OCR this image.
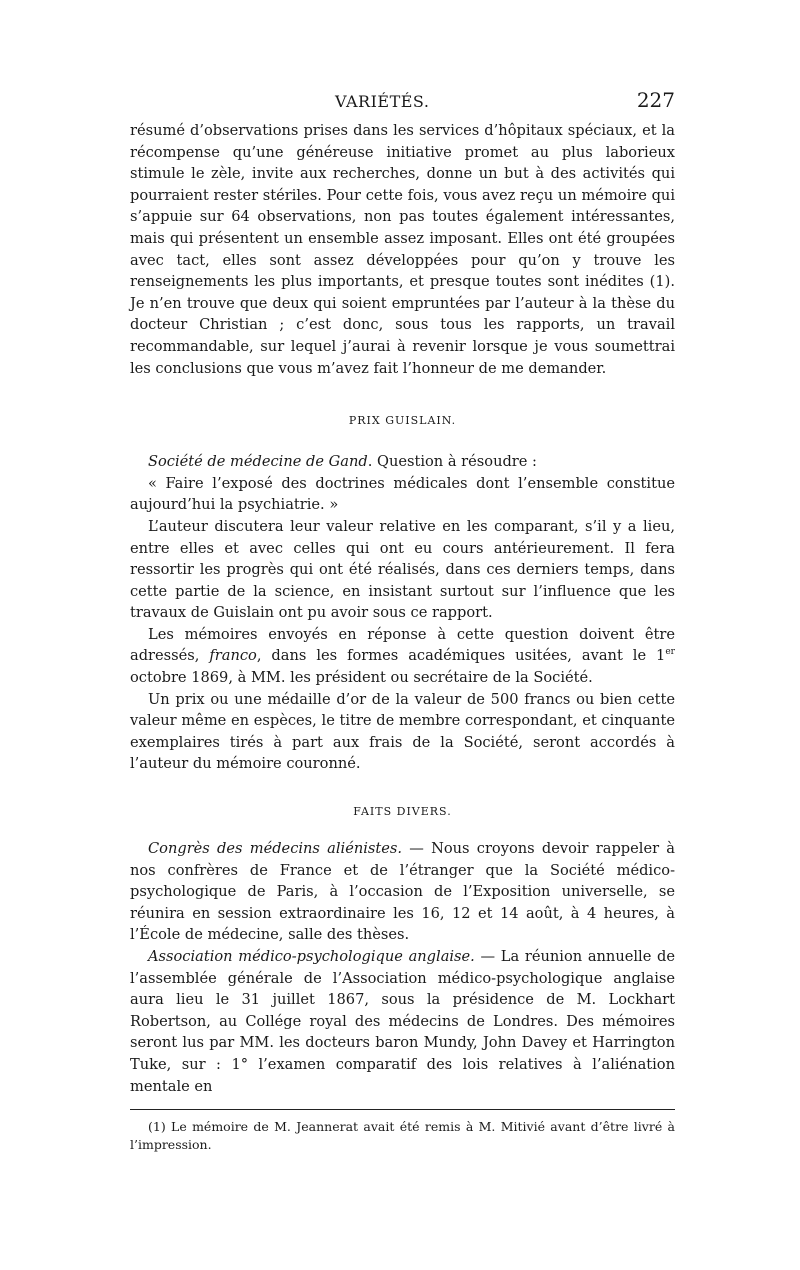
VARIÉTÉS.	227

résumé d’observations prises dans les services d’hôpitaux spéciaux, et la récompense qu’une généreuse initiative promet au plus laborieux stimule le zèle, invite aux recherches, donne un but à des activités qui pourraient rester stériles. Pour cette fois, vous avez reçu un mémoire qui s’appuie sur 64 observations, non pas toutes également intéressantes, mais qui présentent un ensemble assez imposant. Elles ont été groupées avec tact, elles sont assez développées pour qu’on y trouve les renseignements les plus importants, et presque toutes sont inédites (1). Je n’en trouve que deux qui soient empruntées par l’auteur à la thèse du docteur Christian ; c’est donc, sous tous les rapports, un travail recommandable, sur lequel j’aurai à revenir lorsque je vous soumettrai les conclusions que vous m’avez fait l’honneur de me demander.

PRIX GUISLAIN.

Société de médecine de Gand. Question à résoudre :

« Faire l’exposé des doctrines médicales dont l’ensemble constitue aujourd’hui la psychiatrie. »

L’auteur discutera leur valeur relative en les comparant, s’il y a lieu, entre elles et avec celles qui ont eu cours antérieurement. Il fera ressortir les progrès qui ont été réalisés, dans ces derniers temps, dans cette partie de la science, en insistant surtout sur l’influence que les travaux de Guislain ont pu avoir sous ce rapport.

Les mémoires envoyés en réponse à cette question doivent être adressés, franco, dans les formes académiques usitées, avant le 1er octobre 1869, à MM. les président ou secrétaire de la Société.

Un prix ou une médaille d’or de la valeur de 500 francs ou bien cette valeur même en espèces, le titre de membre correspondant, et cinquante exemplaires tirés à part aux frais de la Société, seront accordés à l’auteur du mémoire couronné.

FAITS DIVERS.

Congrès des médecins aliénistes. — Nous croyons devoir rappeler à nos confrères de France et de l’étranger que la Société médico-psychologique de Paris, à l’occasion de l’Exposition universelle, se réunira en session extraordinaire les 16, 12 et 14 août, à 4 heures, à l’École de médecine, salle des thèses.

Association médico-psychologique anglaise. — La réunion annuelle de l’assemblée générale de l’Association médico-psychologique anglaise aura lieu le 31 juillet 1867, sous la présidence de M. Lockhart Robertson, au Collége royal des médecins de Londres. Des mémoires seront lus par MM. les docteurs baron Mundy, John Davey et Harrington Tuke, sur : 1° l’examen comparatif des lois relatives à l’aliénation mentale en

(1) Le mémoire de M. Jeannerat avait été remis à M. Mitivié avant d’être livré à l’impression.
